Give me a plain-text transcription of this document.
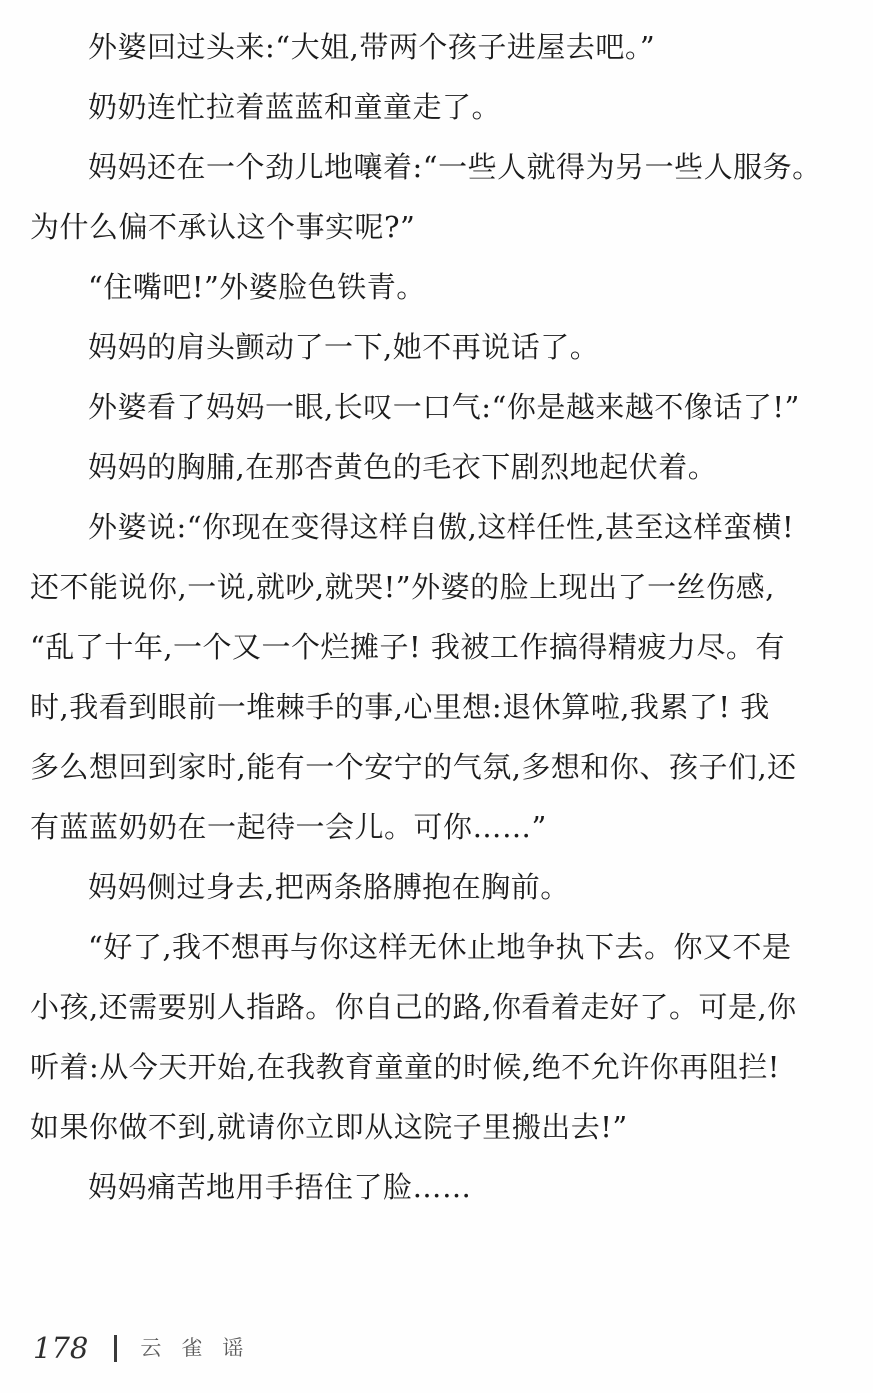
外婆回过头来:“大姐,带两个孩子进屋去吧。”
奶奶连忙拉着蓝蓝和童童走了。
妈妈还在一个劲儿地嚷着:“一些人就得为另一些人服务。
为什么偏不承认这个事实呢?”
“住嘴吧!”外婆脸色铁青。
妈妈的肩头颤动了一下,她不再说话了。
外婆看了妈妈一眼,长叹一口气:“你是越来越不像话了!”
妈妈的胸脯,在那杏黄色的毛衣下剧烈地起伏着。
外婆说:“你现在变得这样自傲,这样任性,甚至这样蛮横!
还不能说你,一说,就吵,就哭!”外婆的脸上现出了一丝伤感,
“乱了十年,一个又一个烂摊子! 我被工作搞得精疲力尽。有
时,我看到眼前一堆棘手的事,心里想:退休算啦,我累了! 我
多么想回到家时,能有一个安宁的气氛,多想和你、孩子们,还
有蓝蓝奶奶在一起待一会儿。可你……”
妈妈侧过身去,把两条胳膊抱在胸前。
“好了,我不想再与你这样无休止地争执下去。你又不是
小孩,还需要别人指路。你自己的路,你看着走好了。可是,你
听着:从今天开始,在我教育童童的时候,绝不允许你再阻拦!
如果你做不到,就请你立即从这院子里搬出去!”
妈妈痛苦地用手捂住了脸……
178 云雀谣
